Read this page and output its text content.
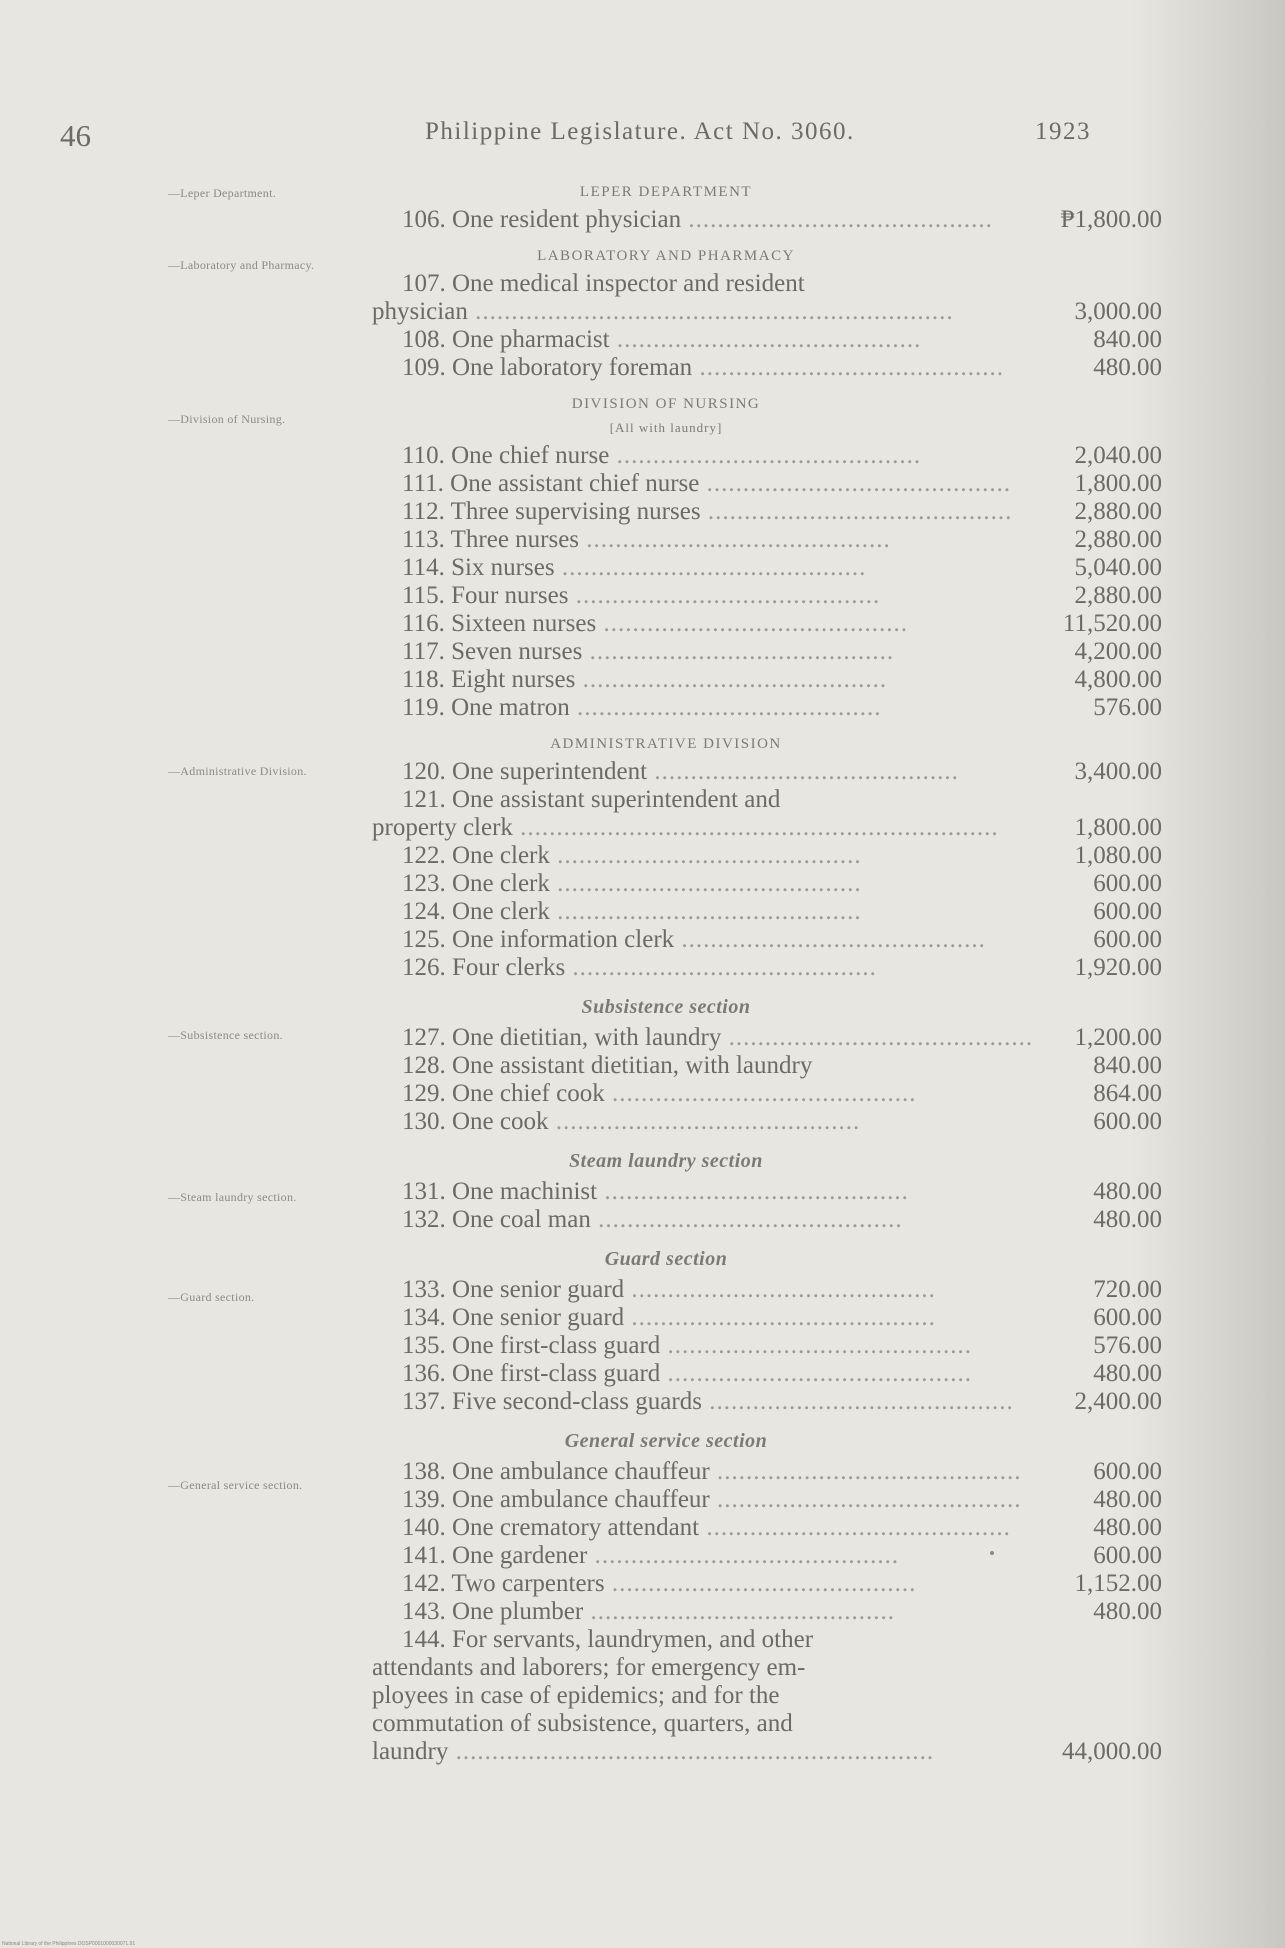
46	Philippine Legislature. Act No. 3060.	1923
—Leper Department.
—Laboratory and Pharmacy.
—Division of Nursing.
—Administrative Division.
—Subsistence section.
—Steam laundry section.
—Guard section.
—General service section.
LEPER DEPARTMENT
106. One resident physician ..........................................	₱1,800.00
LABORATORY AND PHARMACY
107. One medical inspector and resident
physician ..................................................................	3,000.00
108. One pharmacist ..........................................	840.00
109. One laboratory foreman ..........................................	480.00
DIVISION OF NURSING
[All with laundry]
110. One chief nurse ..........................................	2,040.00
111. One assistant chief nurse ..........................................	1,800.00
112. Three supervising nurses ..........................................	2,880.00
113. Three nurses ..........................................	2,880.00
114. Six nurses ..........................................	5,040.00
115. Four nurses ..........................................	2,880.00
116. Sixteen nurses ..........................................	11,520.00
117. Seven nurses ..........................................	4,200.00
118. Eight nurses ..........................................	4,800.00
119. One matron ..........................................	576.00
ADMINISTRATIVE DIVISION
120. One superintendent ..........................................	3,400.00
121. One assistant superintendent and
property clerk ..................................................................	1,800.00
122. One clerk ..........................................	1,080.00
123. One clerk ..........................................	600.00
124. One clerk ..........................................	600.00
125. One information clerk ..........................................	600.00
126. Four clerks ..........................................	1,920.00
Subsistence section
127. One dietitian, with laundry ..........................................	1,200.00
128. One assistant dietitian, with laundry	840.00
129. One chief cook ..........................................	864.00
130. One cook ..........................................	600.00
Steam laundry section
131. One machinist ..........................................	480.00
132. One coal man ..........................................	480.00
Guard section
133. One senior guard ..........................................	720.00
134. One senior guard ..........................................	600.00
135. One first-class guard ..........................................	576.00
136. One first-class guard ..........................................	480.00
137. Five second-class guards ..........................................	2,400.00
General service section
138. One ambulance chauffeur ..........................................	600.00
139. One ambulance chauffeur ..........................................	480.00
140. One crematory attendant ..........................................	480.00
141. One gardener ..........................................	600.00
142. Two carpenters ..........................................	1,152.00
143. One plumber ..........................................	480.00
144. For servants, laundrymen, and other
attendants and laborers; for emergency em-
ployees in case of epidemics; and for the
commutation of subsistence, quarters, and
laundry ..................................................................	44,000.00
National Library of the Philippines DOSP0001000030071.91
